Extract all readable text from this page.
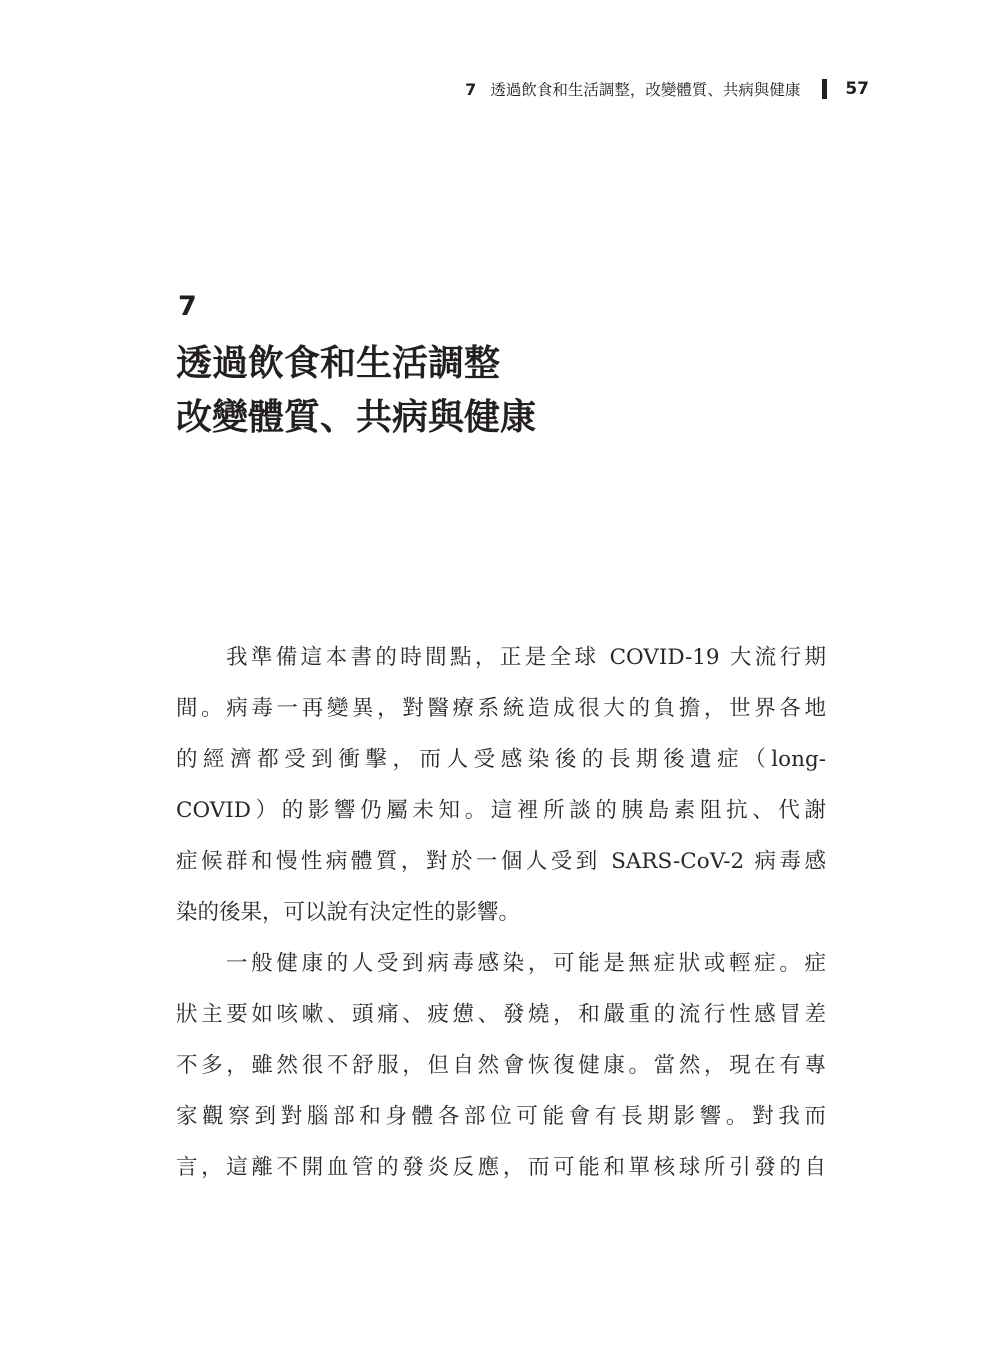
7 透過飲食和生活調整，改變體質、共病與健康	57
7
透過飲食和生活調整
改變體質、共病與健康
我準備這本書的時間點，正是全球 COVID-19 大流行期
間。病毒一再變異，對醫療系統造成很大的負擔，世界各地
的經濟都受到衝擊，而人受感染後的長期後遺症（long-
COVID）的影響仍屬未知。這裡所談的胰島素阻抗、代謝
症候群和慢性病體質，對於一個人受到 SARS-CoV-2 病毒感
染的後果，可以說有決定性的影響。
一般健康的人受到病毒感染，可能是無症狀或輕症。症
狀主要如咳嗽、頭痛、疲憊、發燒，和嚴重的流行性感冒差
不多，雖然很不舒服，但自然會恢復健康。當然，現在有專
家觀察到對腦部和身體各部位可能會有長期影響。對我而
言，這離不開血管的發炎反應，而可能和單核球所引發的自
